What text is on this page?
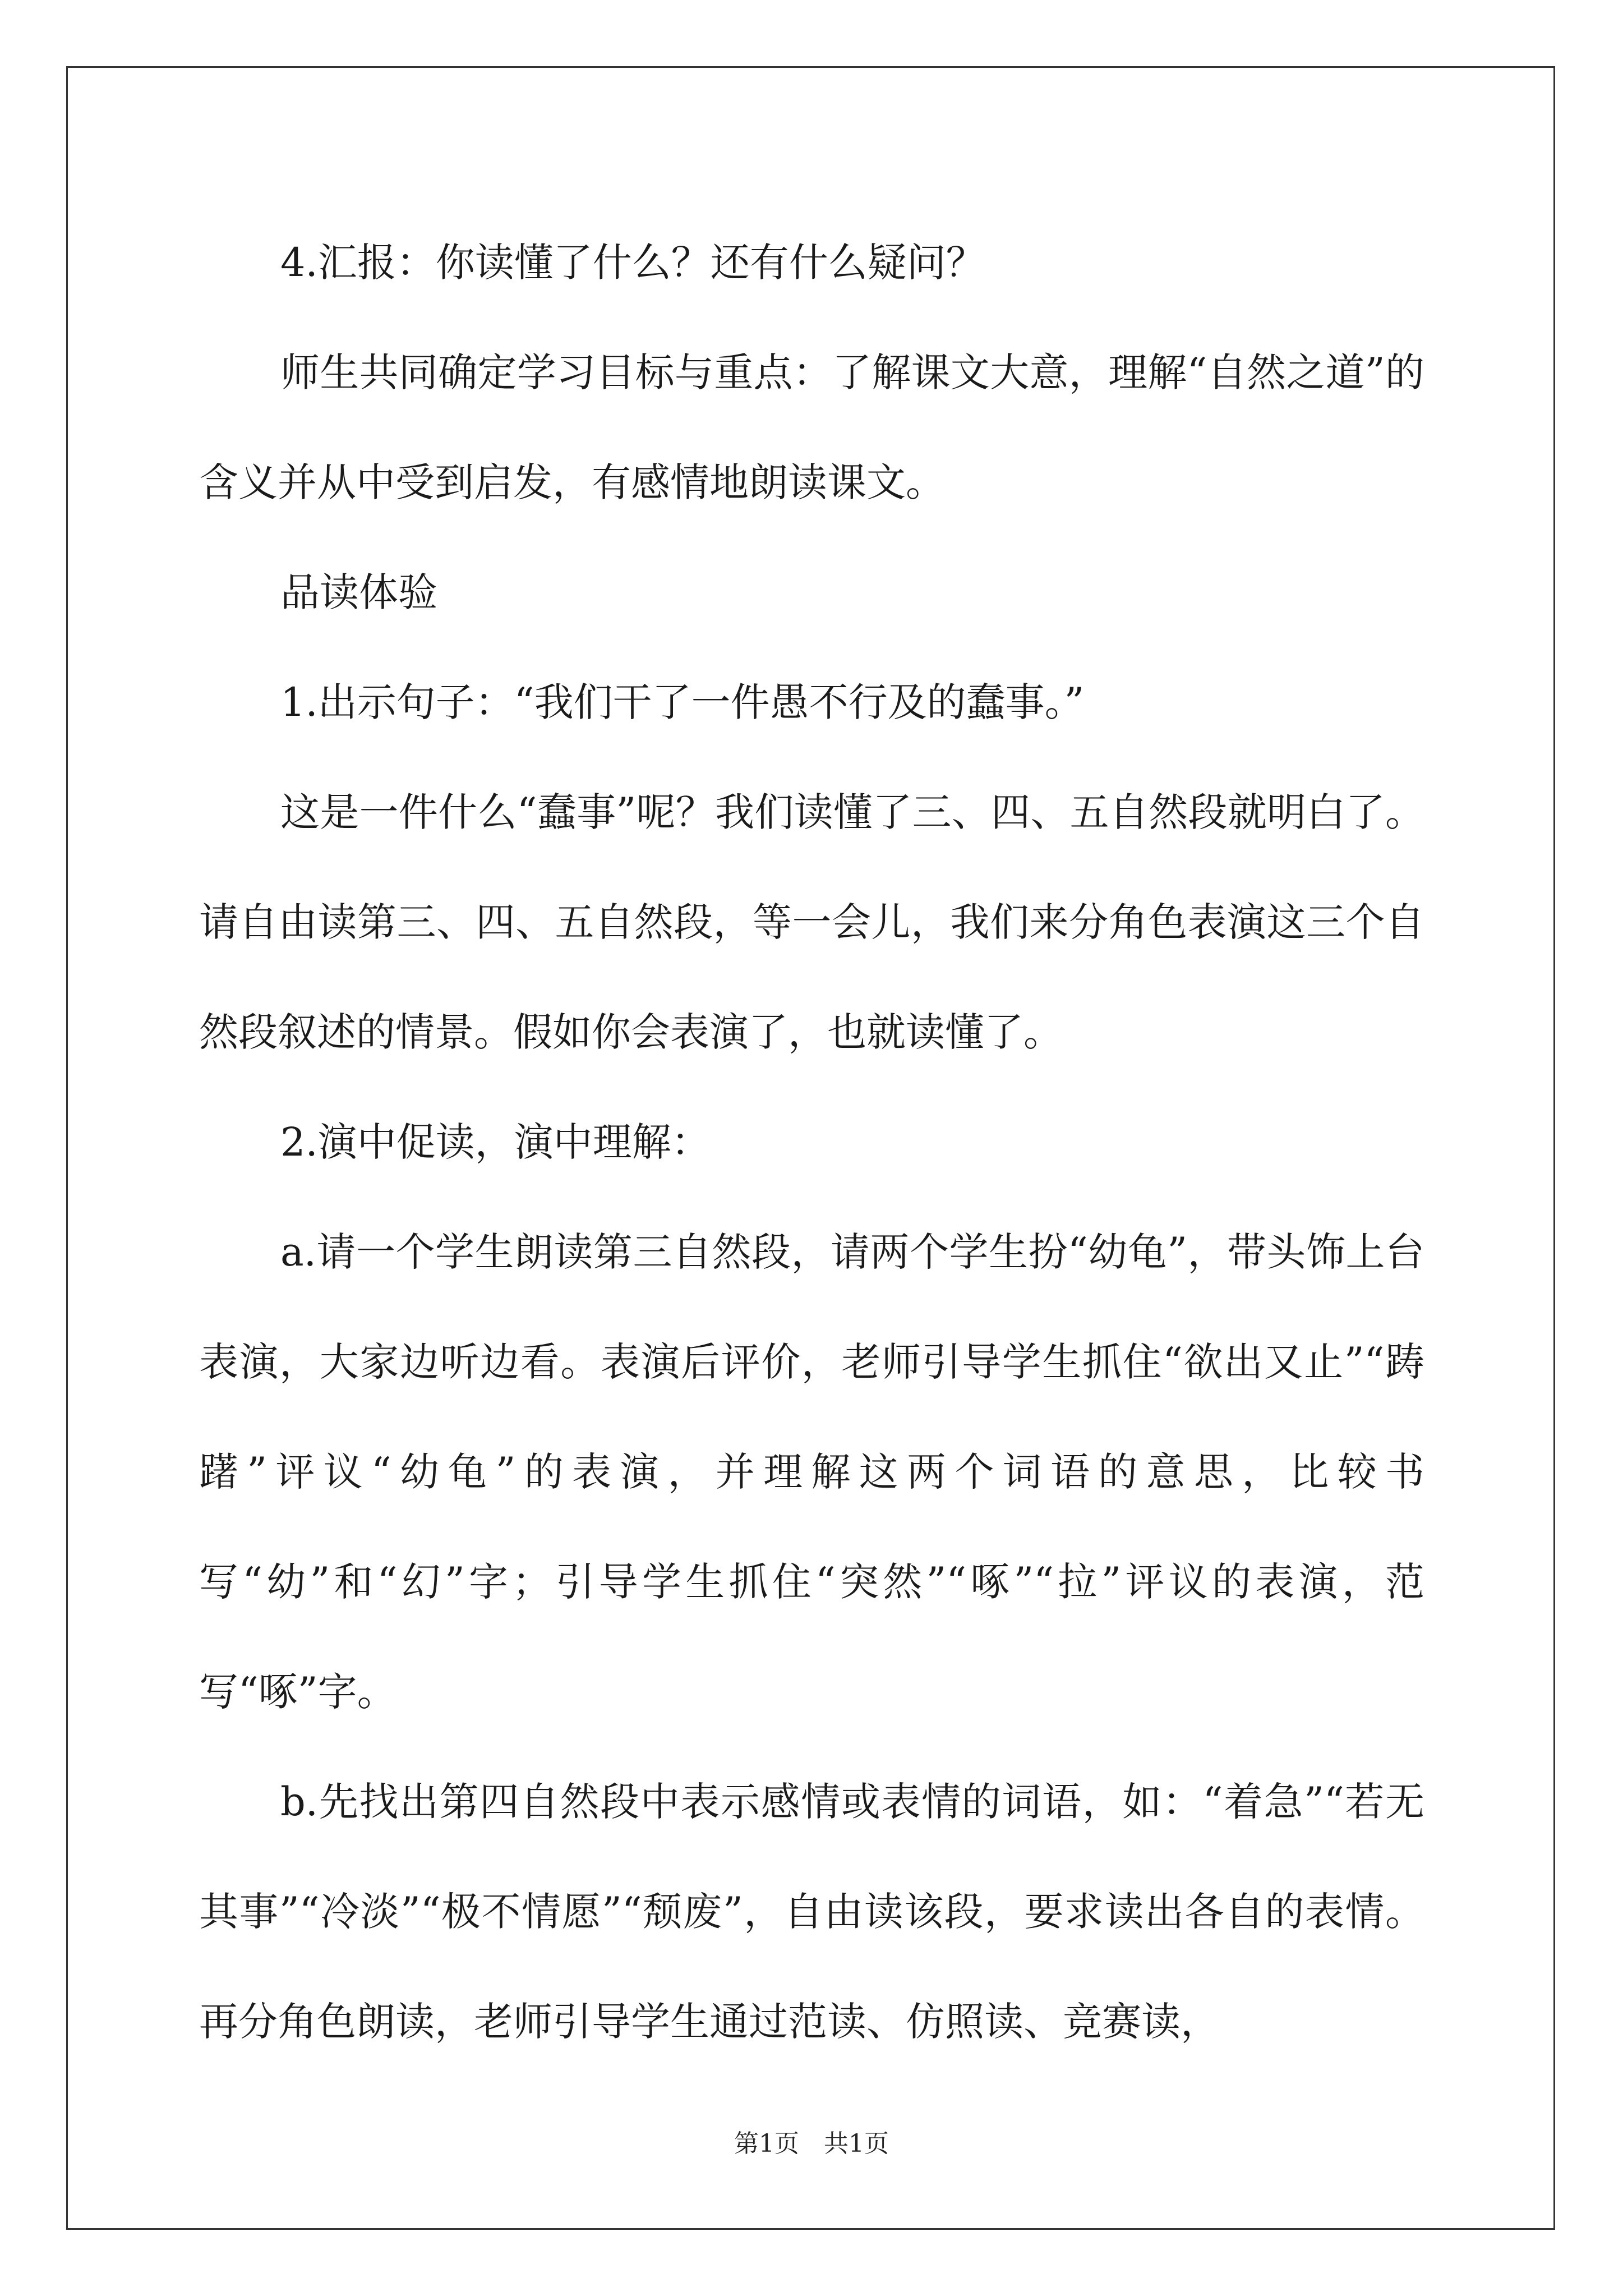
4.汇报：你读懂了什么？还有什么疑问？

师生共同确定学习目标与重点：了解课文大意，理解“自然之道”的含义并从中受到启发，有感情地朗读课文。

品读体验

1.出示句子：“我们干了一件愚不行及的蠢事。”

这是一件什么“蠢事”呢？我们读懂了三、四、五自然段就明白了。请自由读第三、四、五自然段，等一会儿，我们来分角色表演这三个自然段叙述的情景。假如你会表演了，也就读懂了。

2.演中促读，演中理解：

a.请一个学生朗读第三自然段，请两个学生扮“幼龟”，带头饰上台表演，大家边听边看。表演后评价，老师引导学生抓住“欲出又止”“踌躇”评议“幼龟”的表演，并理解这两个词语的意思，比较书写“幼”和“幻”字；引导学生抓住“突然”“啄”“拉”评议的表演，范写“啄”字。

b.先找出第四自然段中表示感情或表情的词语，如：“着急”“若无其事”“冷淡”“极不情愿”“颓废”，自由读该段，要求读出各自的表情。再分角色朗读，老师引导学生通过范读、仿照读、竞赛读，

第1页　共1页
